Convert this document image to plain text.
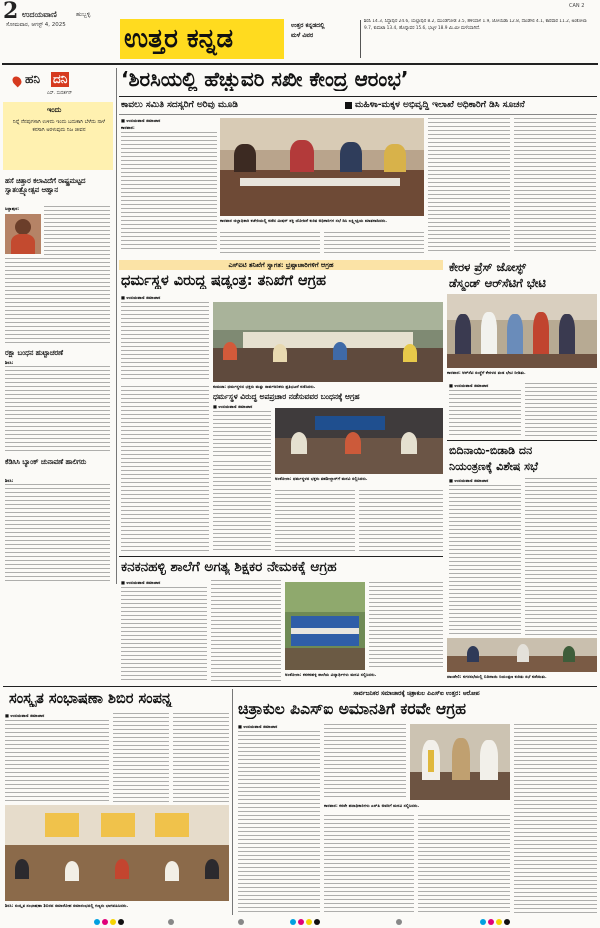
2 ಉದಯವಾಣಿ	ಹುಬ್ಬಳ್ಳಿ
ಸೋಮವಾರ, ಆಗಸ್ಟ್ 4, 2025 ಉತ್ತರ ಕನ್ನಡ	ಉತ್ತರ ಕನ್ನಡದಲ್ಲಿ
ಮಳೆ ವಿವರ
ಶಿರಸಿ 14.3, ಸಿದ್ದಾಪುರ 24.6, ಯಲ್ಲಾಪುರ 8.2, ಮುಂಡಗೋಡ 3.5, ಹಳಿಯಾಳ 1.9, ಜೋಯಿಡಾ 12.8, ದಾಂಡೇಲಿ 4.1, ಕಾರವಾರ 11.2, ಅಂಕೋಲಾ 9.7, ಕುಮಟಾ 13.4, ಹೊನ್ನಾವರ 15.6, ಭಟ್ಕಳ 18.9 ಮಿ.ಮೀ ಮಳೆಯಾಗಿದೆ.
CAN 2
ಹನಿ ದನಿ
ಎಸ್. ಸುದರ್ಶನ್
ಇಂದು
ನಿನ್ನೆ ನೆನಪುಗಳಾಗಿ ಉಳಿದು ಇಂದು ಬದುಕಾಗಿ ಬೆಳೆದು ನಾಳೆ ಕನಸಾಗಿ ಅರಳುವುದು ನಿಜ ಜೀವನ
ಹಸೆ ಚಿತ್ತಾರ ಕಲಾವಿದೆಗೆ ರಾಷ್ಟ್ರಮಟ್ಟದ ಸ್ವಾತಂತ್ರ್ಯೋತ್ಸವ ಆಹ್ವಾನ
ಸಿದ್ದಾಪುರ:
ರಕ್ಷಾ ಬಂಧನ ಹುಟ್ಟಾಚರಣೆ
ಶಿರಸಿ:
ಕೆಡಿಸಿಸಿ ಬ್ಯಾಂಕ್ ಚುನಾವಣೆ ಹಾಲಿಗರು
ಶಿರಸಿ:
‘ಶಿರಸಿಯಲ್ಲಿ ಹೆಚ್ಚುವರಿ ಸಖೀ ಕೇಂದ್ರ ಆರಂಭ’
ಕಾವಲು ಸಮಿತಿ ಸದಸ್ಯರಿಗೆ ಅರಿವು ಮೂಡಿ	ಮಹಿಳಾ-ಮಕ್ಕಳ ಅಭಿವೃದ್ಧಿ ಇಲಾಖೆ ಅಧಿಕಾರಿಗೆ ಡಿಸಿ ಸೂಚನೆ
■ ಉದಯವಾಣಿ ಸಮಾಚಾರ
ಕಾರವಾರ:
ಕಾರವಾರ ಜಿಲ್ಲಾಧಿಕಾರಿ ಕಚೇರಿಯಲ್ಲಿ ನಡೆದ ಮಿಷನ್ ಶಕ್ತಿ ಯೋಜನೆ ಕುರಿತ ಅಧಿಕಾರಿಗಳ ಸಭೆ ಡಿಸಿ ಲಕ್ಷ್ಮೀಪ್ರಿಯ ಮಾತನಾಡಿದರು.
ಎಸ್‌ಐಟಿ ತನಿಖೆಗೆ ಸ್ವಾಗತ: ಭ್ರಷ್ಟಾಚಾರಿಗಳಿಗೆ ಆಗ್ರಹ
ಧರ್ಮಸ್ಥಳ ವಿರುದ್ಧ ಷಡ್ಯಂತ್ರ: ತನಿಖೆಗೆ ಆಗ್ರಹ
■ ಉದಯವಾಣಿ ಸಮಾಚಾರ
ಕುಮಟಾ: ಧರ್ಮಸ್ಥಳದ ಭಕ್ತರು ಮತ್ತು ಸಾರ್ವಜನಿಕರು ಪ್ರತಿಭಟನೆ ನಡೆಸಿದರು.
ಧರ್ಮಸ್ಥಳ ವಿರುದ್ಧ ಅಪಪ್ರಚಾರ ನಡೆಸುವವರ ಬಂಧನಕ್ಕೆ ಆಗ್ರಹ
■ ಉದಯವಾಣಿ ಸಮಾಚಾರ
ಅಂಕೋಲಾ: ಧರ್ಮಸ್ಥಳದ ಭಕ್ತರು ತಹಶೀಲ್ದಾರ್‌ಗೆ ಮನವಿ ಸಲ್ಲಿಸಿದರು.
ಕೇರಳ ಪ್ರೆಸ್ ಜೋಸ್ಫ್
ಡೆಸ್ಮಂಡ್ ಆರ್‌ಸೆಟಿಗೆ ಭೇಟಿ
ಕಾರವಾರ: ಆರ್‌ಸೆಟಿ ಸಂಸ್ಥೆಗೆ ಕೇರಳದ ತಂಡ ಭೇಟಿ ನೀಡಿತು.
■ ಉದಯವಾಣಿ ಸಮಾಚಾರ
ಬಿದಿನಾಯಿ-ಬಿಡಾಡಿ ದನ
ನಿಯಂತ್ರಣಕ್ಕೆ ವಿಶೇಷ ಸಭೆ
■ ಉದಯವಾಣಿ ಸಮಾಚಾರ
ದಾಂಡೇಲಿ: ನಗರಸಭೆಯಲ್ಲಿ ಬಿದಿನಾಯಿ ನಿಯಂತ್ರಣ ಕುರಿತು ಸಭೆ ನಡೆಯಿತು.
ಕನಕನಹಳ್ಳಿ ಶಾಲೆಗೆ ಅಗತ್ಯ ಶಿಕ್ಷಕರ ನೇಮಕಕ್ಕೆ ಆಗ್ರಹ
■ ಉದಯವಾಣಿ ಸಮಾಚಾರ
ಅಂಕೋಲಾ: ಕನಕನಹಳ್ಳಿ ಶಾಲೆಯ ವಿದ್ಯಾರ್ಥಿಗಳು ಮನವಿ ಸಲ್ಲಿಸಿದರು.
ಸಂಸ್ಕೃತ ಸಂಭಾಷಣಾ ಶಿಬಿರ ಸಂಪನ್ನ
■ ಉದಯವಾಣಿ ಸಮಾಚಾರ
ಶಿರಸಿ: ಸಂಸ್ಕೃತ ಸಂಭಾಷಣಾ ಶಿಬಿರದ ಸಮಾರೋಪ ಸಮಾರಂಭದಲ್ಲಿ ಗಣ್ಯರು ಭಾಗವಹಿಸಿದರು.
ಸಾರ್ವಜನಿಕರ ಸಮಾಚಾರಕ್ಕೆ ಚಿತ್ರಾಕುಲ ಪಿಎಸ್‌ಐ ಉತ್ತರ: ಆರೋಪ
ಚಿತ್ರಾಕುಲ ಪಿಎಸ್‌ಐ ಅಮಾನತಿಗೆ ಕರವೇ ಆಗ್ರಹ
■ ಉದಯವಾಣಿ ಸಮಾಚಾರ
ಕಾರವಾರ: ಕರವೇ ಪದಾಧಿಕಾರಿಗಳು ಎಸ್‌ಪಿ ಅವರಿಗೆ ಮನವಿ ಸಲ್ಲಿಸಿದರು.
